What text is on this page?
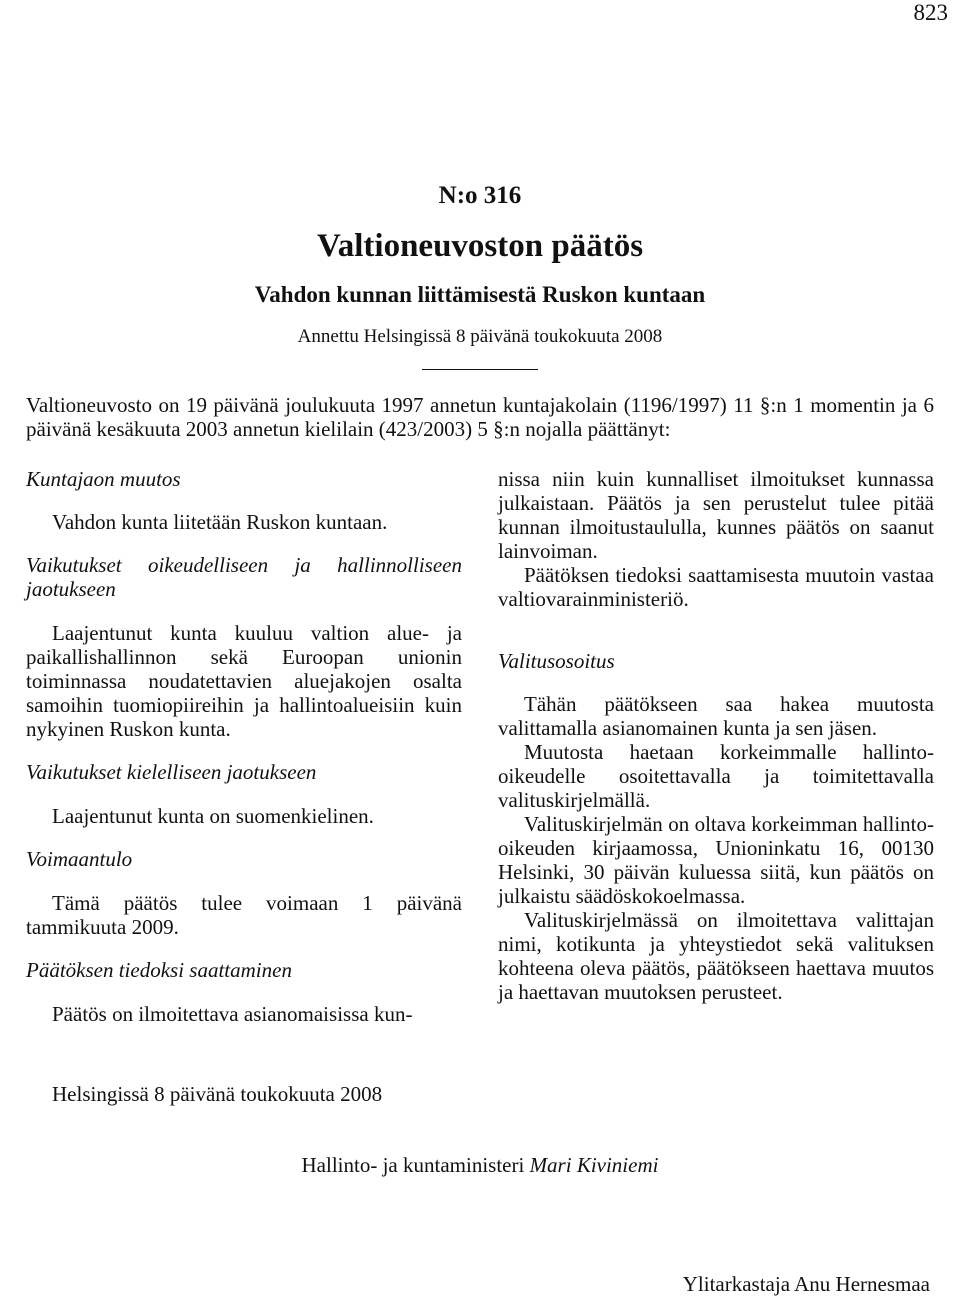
823
N:o 316
Valtioneuvoston päätös
Vahdon kunnan liittämisestä Ruskon kuntaan
Annettu Helsingissä 8 päivänä toukokuuta 2008
Valtioneuvosto on 19 päivänä joulukuuta 1997 annetun kuntajakolain (1196/1997) 11 §:n 1 momentin ja 6 päivänä kesäkuuta 2003 annetun kielilain (423/2003) 5 §:n nojalla päättänyt:

Kuntajaon muutos

Vahdon kunta liitetään Ruskon kuntaan.

Vaikutukset oikeudelliseen ja hallinnolliseen jaotukseen

Laajentunut kunta kuuluu valtion alue- ja paikallishallinnon sekä Euroopan unionin toiminnassa noudatettavien aluejakojen osalta samoihin tuomiopiireihin ja hallintoalueisiin kuin nykyinen Ruskon kunta.

Vaikutukset kielelliseen jaotukseen

Laajentunut kunta on suomenkielinen.

Voimaantulo

Tämä päätös tulee voimaan 1 päivänä tammikuuta 2009.

Päätöksen tiedoksi saattaminen

Päätös on ilmoitettava asianomaisissa kun-

nissa niin kuin kunnalliset ilmoitukset kunnassa julkaistaan. Päätös ja sen perustelut tulee pitää kunnan ilmoitustaululla, kunnes päätös on saanut lainvoiman.

Päätöksen tiedoksi saattamisesta muutoin vastaa valtiovarainministeriö.

Valitusosoitus

Tähän päätökseen saa hakea muutosta valittamalla asianomainen kunta ja sen jäsen.

Muutosta haetaan korkeimmalle hallinto-oikeudelle osoitettavalla ja toimitettavalla valituskirjelmällä.

Valituskirjelmän on oltava korkeimman hallinto-oikeuden kirjaamossa, Unioninkatu 16, 00130 Helsinki, 30 päivän kuluessa siitä, kun päätös on julkaistu säädöskokoelmassa.

Valituskirjelmässä on ilmoitettava valittajan nimi, kotikunta ja yhteystiedot sekä valituksen kohteena oleva päätös, päätökseen haettava muutos ja haettavan muutoksen perusteet.

Helsingissä 8 päivänä toukokuuta 2008
Hallinto- ja kuntaministeri Mari Kiviniemi
Ylitarkastaja Anu Hernesmaa
